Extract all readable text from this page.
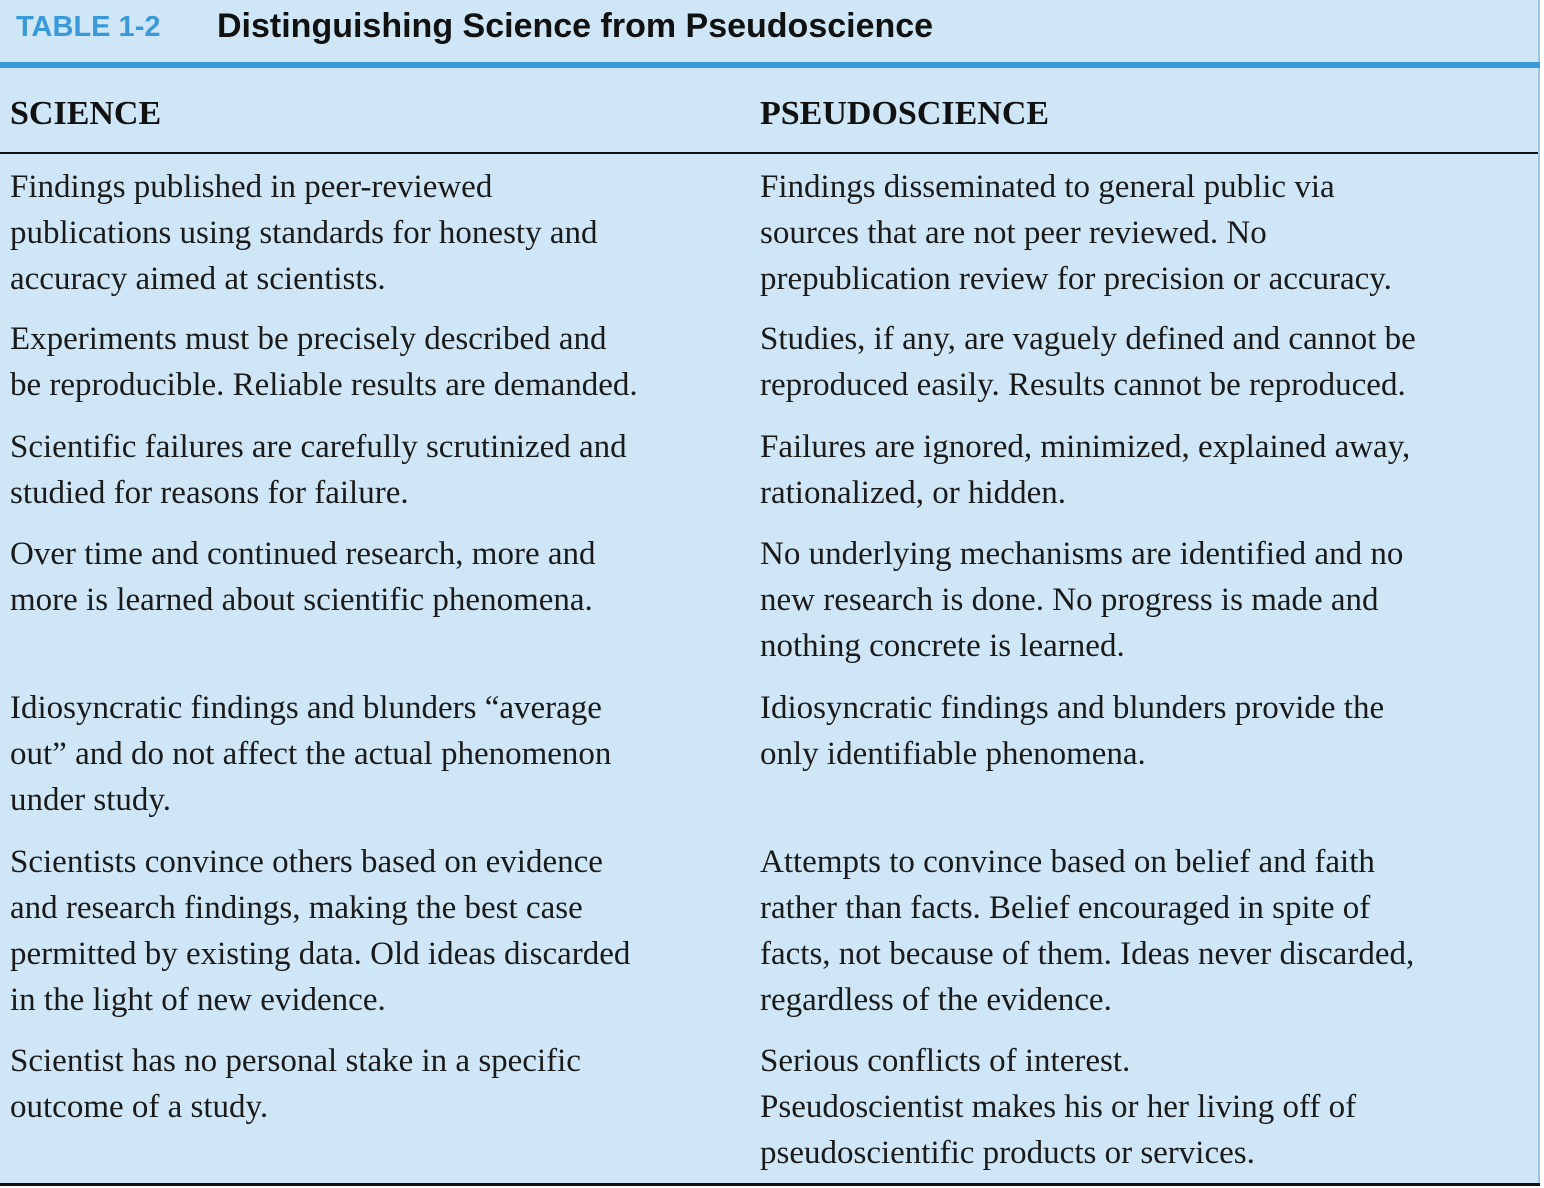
TABLE 1-2 Distinguishing Science from Pseudoscience
SCIENCE	PSEUDOSCIENCE
Findings published in peer-reviewed
publications using standards for honesty and
accuracy aimed at scientists.
Findings disseminated to general public via
sources that are not peer reviewed. No
prepublication review for precision or accuracy.
Experiments must be precisely described and
be reproducible. Reliable results are demanded.
Studies, if any, are vaguely defined and cannot be
reproduced easily. Results cannot be reproduced.
Scientific failures are carefully scrutinized and
studied for reasons for failure.
Failures are ignored, minimized, explained away,
rationalized, or hidden.
Over time and continued research, more and
more is learned about scientific phenomena.
No underlying mechanisms are identified and no
new research is done. No progress is made and
nothing concrete is learned.
Idiosyncratic findings and blunders “average
out” and do not affect the actual phenomenon
under study.
Idiosyncratic findings and blunders provide the
only identifiable phenomena.
Scientists convince others based on evidence
and research findings, making the best case
permitted by existing data. Old ideas discarded
in the light of new evidence.
Attempts to convince based on belief and faith
rather than facts. Belief encouraged in spite of
facts, not because of them. Ideas never discarded,
regardless of the evidence.
Scientist has no personal stake in a specific
outcome of a study.
Serious conflicts of interest.
Pseudoscientist makes his or her living off of
pseudoscientific products or services.
